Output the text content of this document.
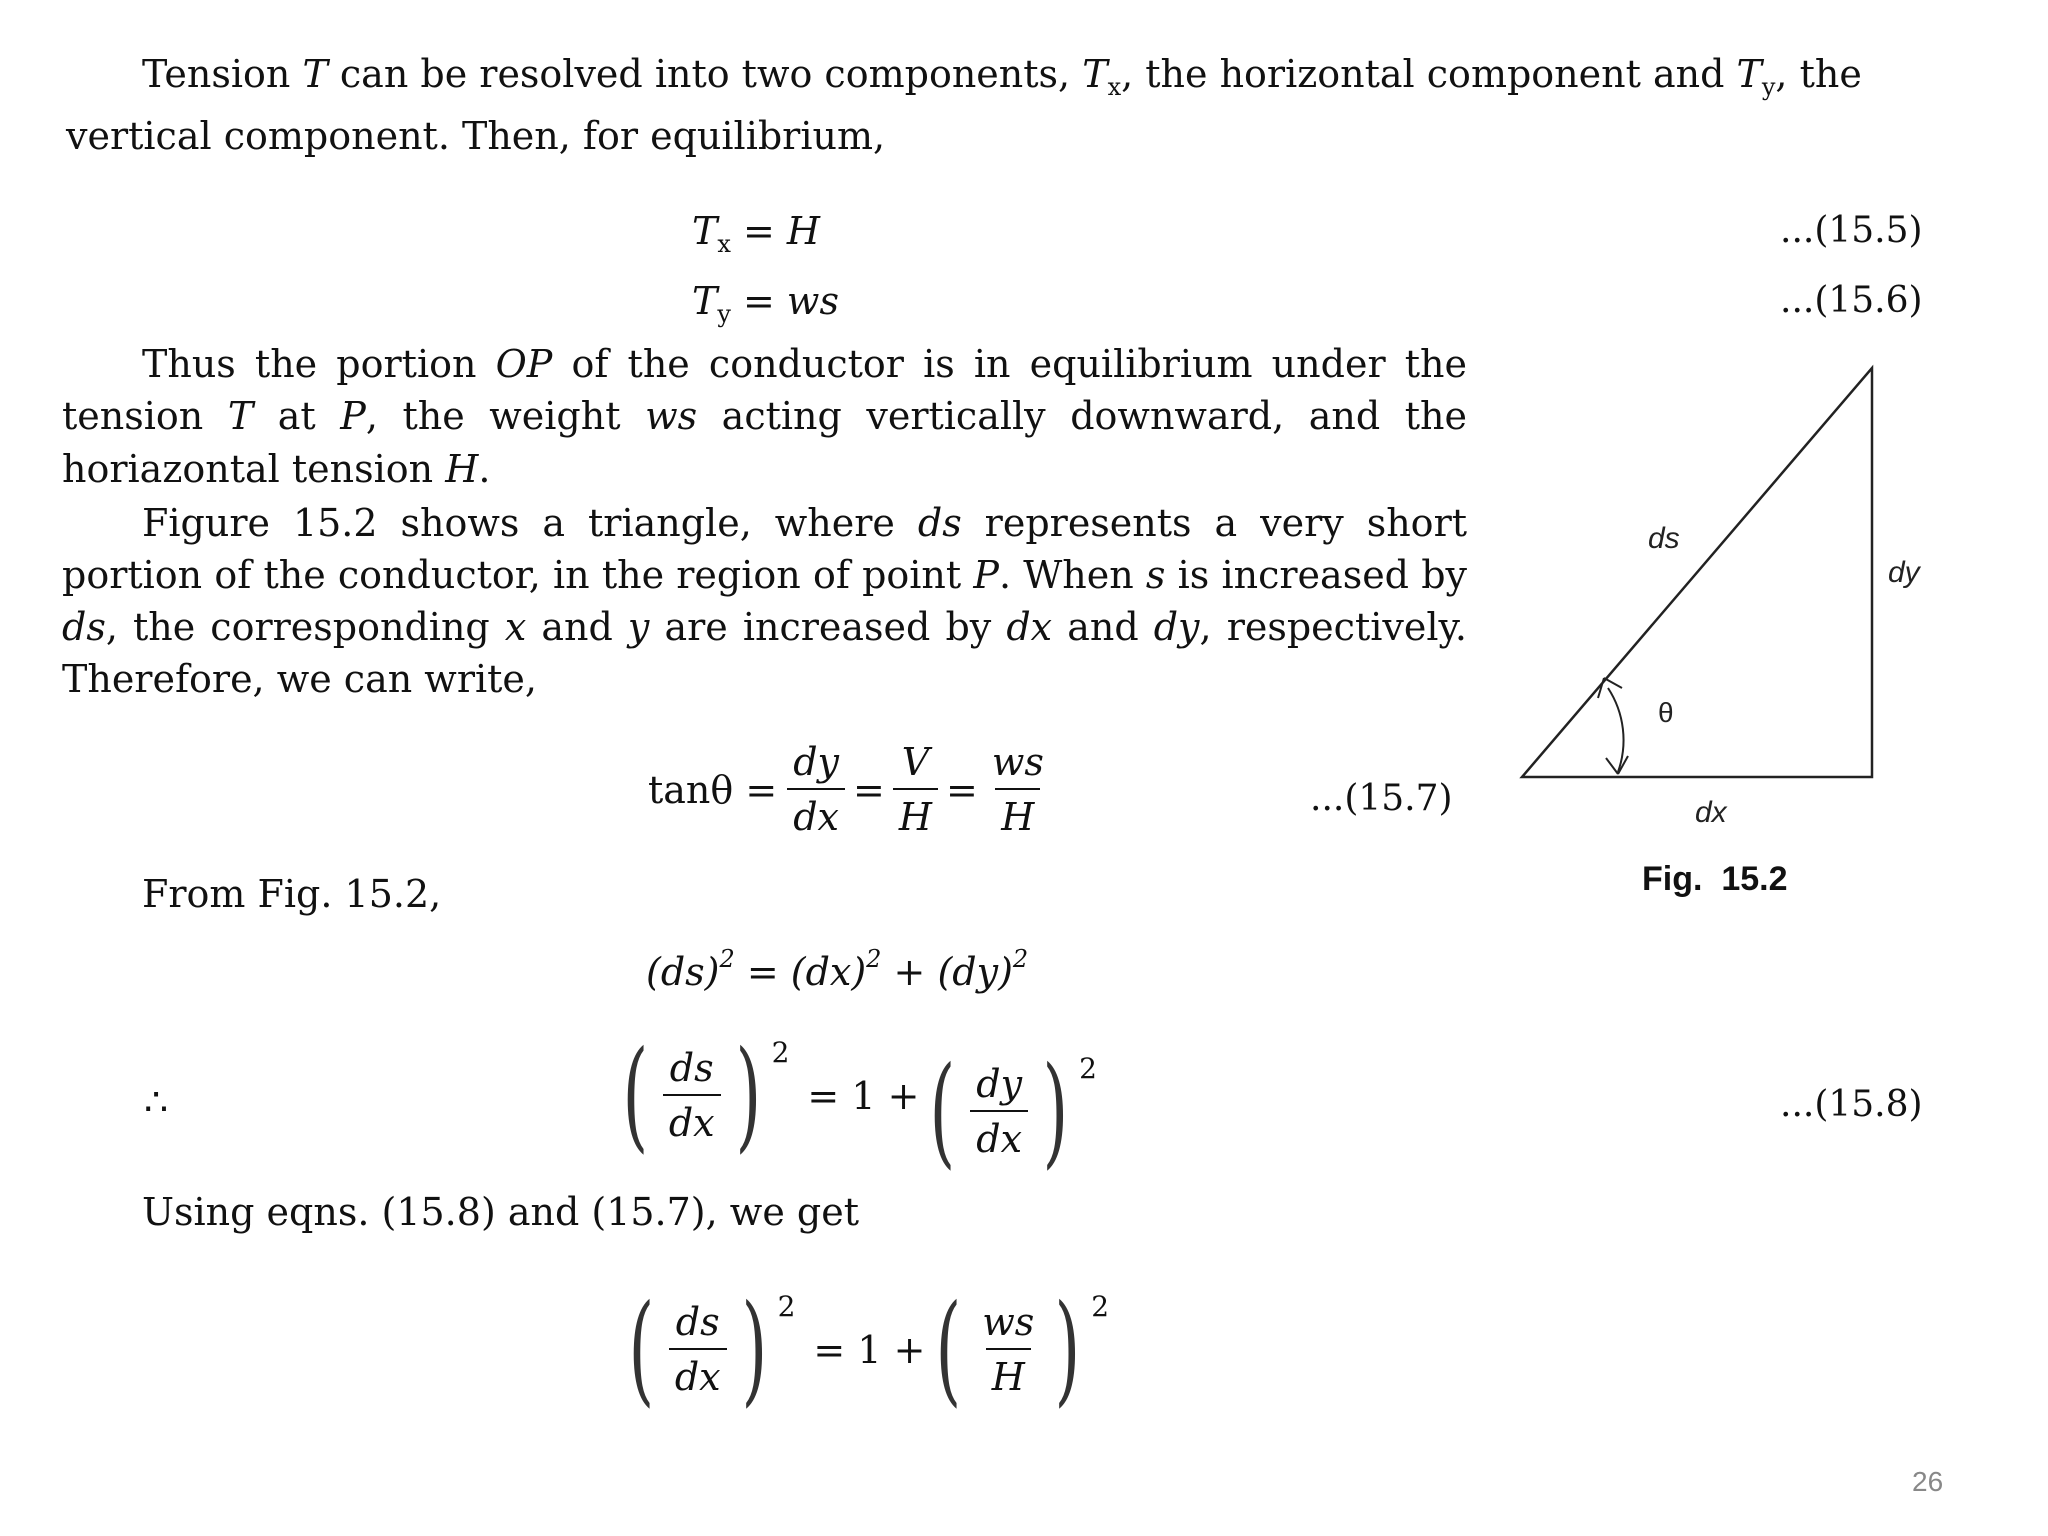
Tension T can be resolved into two components, $T_x$, the horizontal component and $T_y$, the
vertical component. Then, for equilibrium,
$T_x = H$	...(15.5)
$T_y$ = ws	...(15.6)
Thus the portion OP of the conductor is in equilibrium under the
tension T at P, the weight ws acting vertically downward, and the
horiazontal tension H.
Figure 15.2 shows a triangle, where ds represents a very short
portion of the conductor, in the region of point P. When s is increased by
ds, the corresponding x and y are increased by dx and dy, respectively.
Therefore, we can write,
$\tan\theta = \frac{dy}{dx} = \frac{V}{H} = \frac{ws}{H}$	...(15.7)
From Fig. 15.2,
(ds)$^2$ = (dx)$^2$ + (dy)$^2$
∴	( $\frac{ds}{dx}$ ) 2
= 1 + ( $\frac{dy}{dx}$ ) 2
...(15.8)
Using eqns. (15.8) and (15.7), we get
( $\frac{ds}{dx}$ ) 2
= 1 + ( $\frac{ws}{H}$ ) 2
ds
dy
θ
dx
Fig.  15.2
26
